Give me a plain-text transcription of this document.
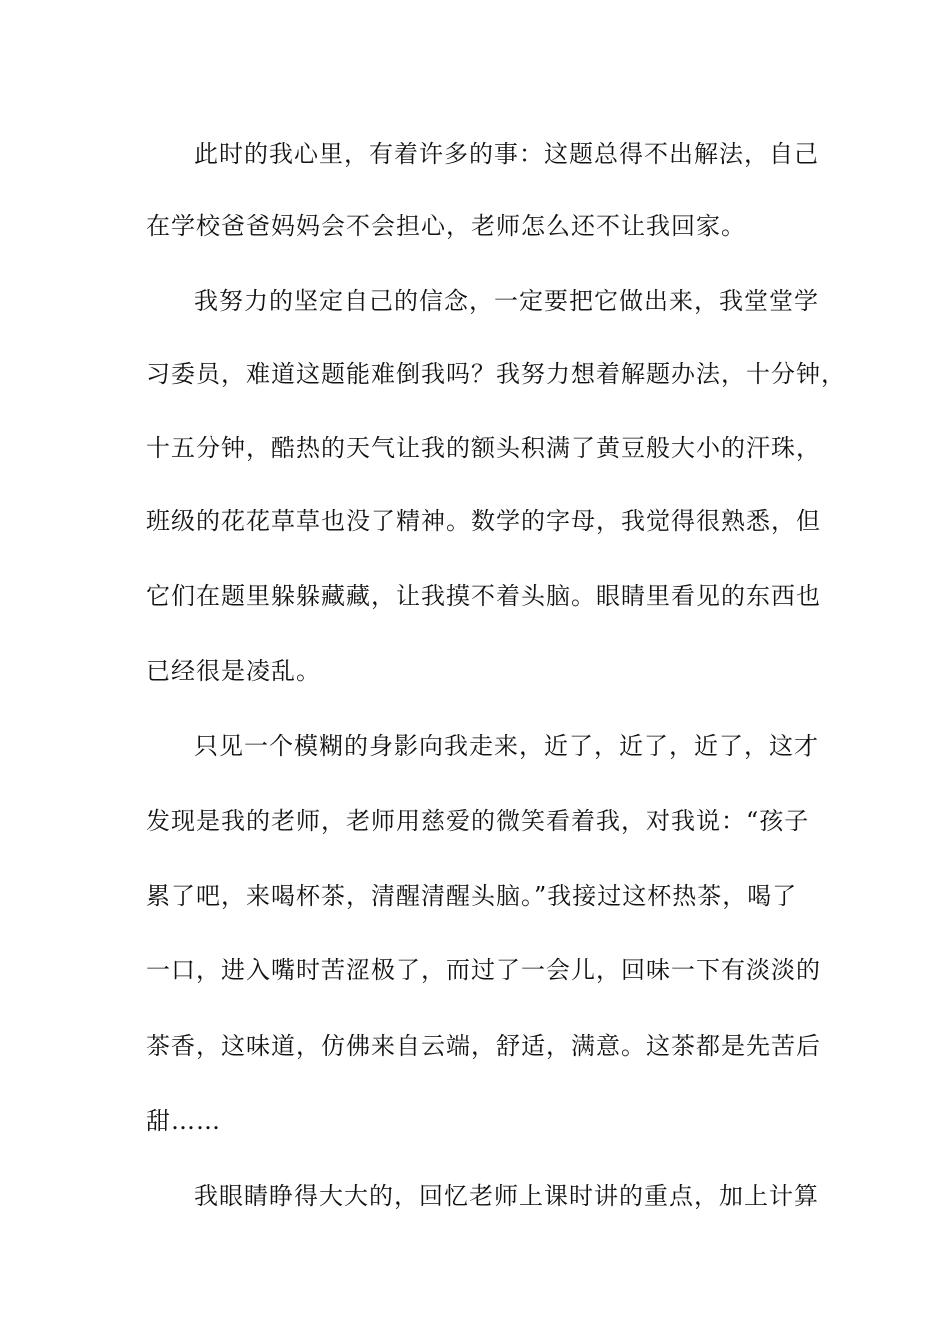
此时的我心里，有着许多的事：这题总得不出解法，自己
在学校爸爸妈妈会不会担心，老师怎么还不让我回家。
我努力的坚定自己的信念，一定要把它做出来，我堂堂学
习委员，难道这题能难倒我吗？我努力想着解题办法，十分钟，
十五分钟，酷热的天气让我的额头积满了黄豆般大小的汗珠，
班级的花花草草也没了精神。数学的字母，我觉得很熟悉，但
它们在题里躲躲藏藏，让我摸不着头脑。眼睛里看见的东西也
已经很是凌乱。
只见一个模糊的身影向我走来，近了，近了，近了，这才
发现是我的老师，老师用慈爱的微笑看着我，对我说：“孩子
累了吧，来喝杯茶，清醒清醒头脑。”我接过这杯热茶，喝了
一口，进入嘴时苦涩极了，而过了一会儿，回味一下有淡淡的
茶香，这味道，仿佛来自云端，舒适，满意。这茶都是先苦后
甜……
我眼睛睁得大大的，回忆老师上课时讲的重点，加上计算
